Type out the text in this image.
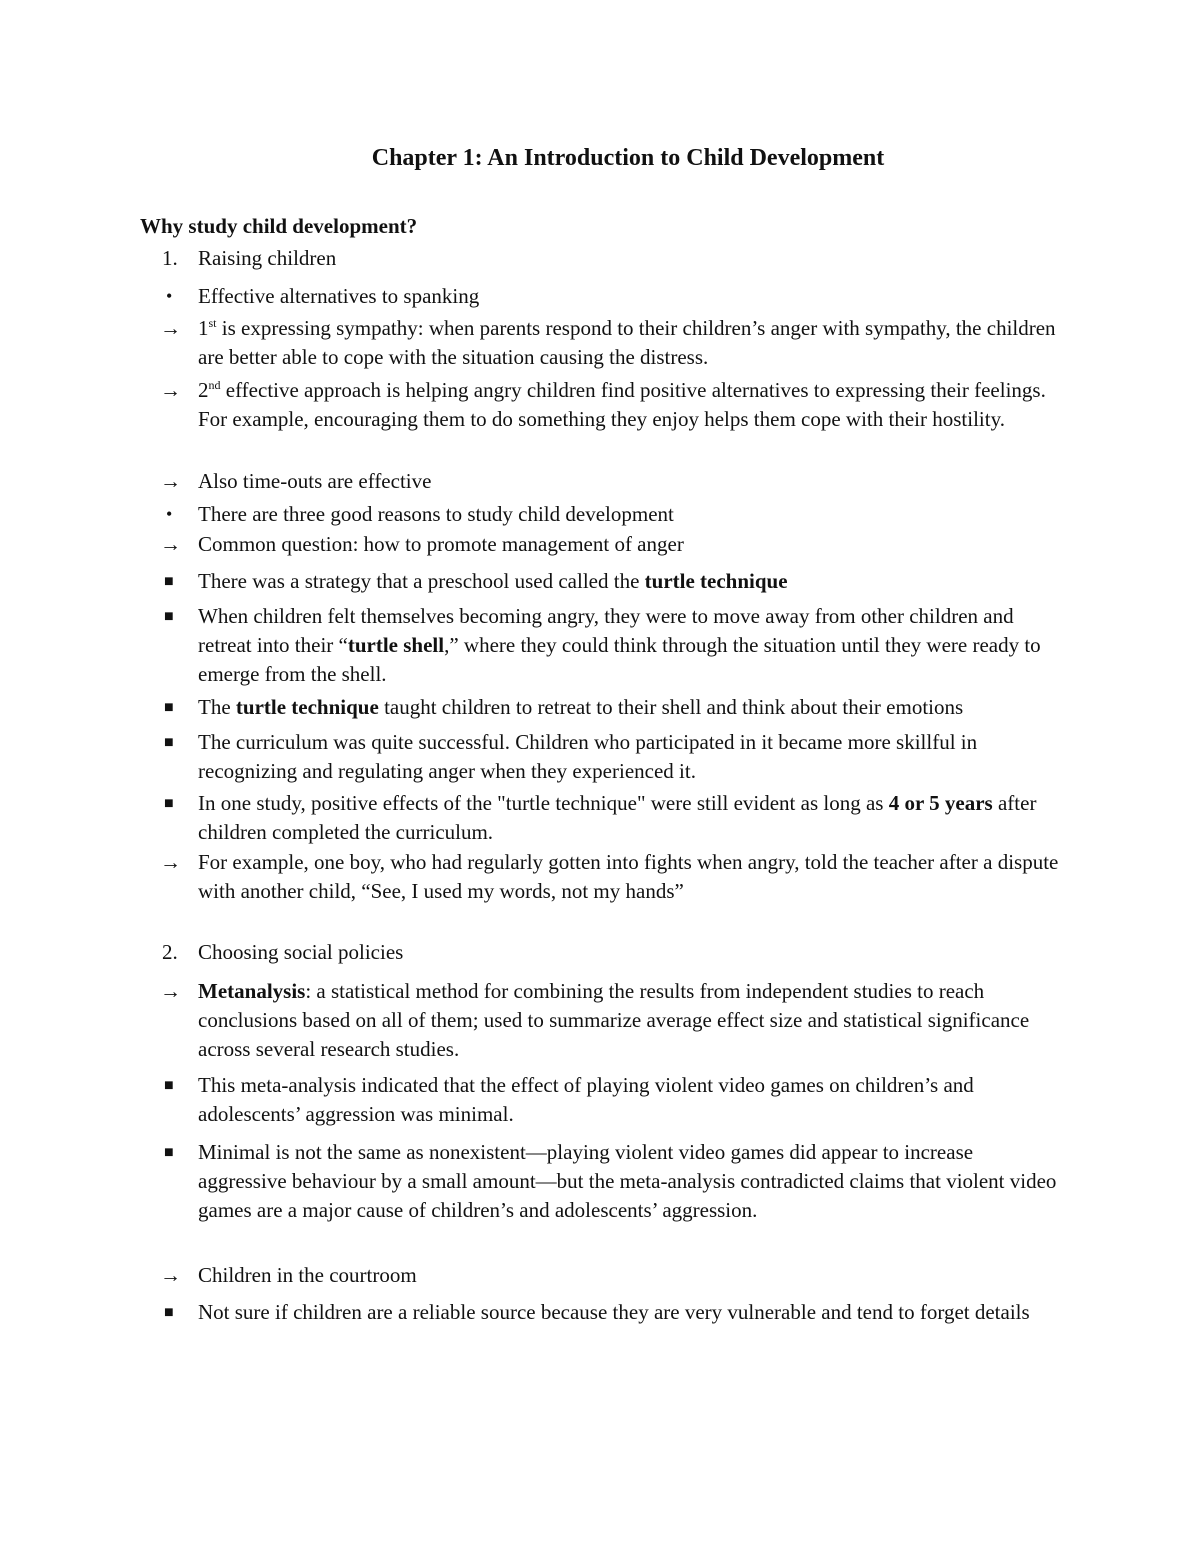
Chapter 1: An Introduction to Child Development
Why study child development?
1. Raising children
•	Effective alternatives to spanking
→ 1st is expressing sympathy: when parents respond to their children’s anger with sympathy, the children are better able to cope with the situation causing the distress.
→ 2nd effective approach is helping angry children find positive alternatives to expressing their feelings. For example, encouraging them to do something they enjoy helps them cope with their hostility.
→ Also time-outs are effective
•	There are three good reasons to study child development
→ Common question: how to promote management of anger
■	There was a strategy that a preschool used called the turtle technique
■	When children felt themselves becoming angry, they were to move away from other children and retreat into their “turtle shell,” where they could think through the situation until they were ready to emerge from the shell.
■	The turtle technique taught children to retreat to their shell and think about their emotions
■	The curriculum was quite successful. Children who participated in it became more skillful in recognizing and regulating anger when they experienced it.
■	In one study, positive effects of the "turtle technique" were still evident as long as 4 or 5 years after children completed the curriculum.
→ For example, one boy, who had regularly gotten into fights when angry, told the teacher after a dispute with another child, “See, I used my words, not my hands”
2. Choosing social policies
→ Metanalysis: a statistical method for combining the results from independent studies to reach conclusions based on all of them; used to summarize average effect size and statistical significance across several research studies.
■	This meta-analysis indicated that the effect of playing violent video games on children’s and adolescents’ aggression was minimal.
■	Minimal is not the same as nonexistent—playing violent video games did appear to increase aggressive behaviour by a small amount—but the meta-analysis contradicted claims that violent video games are a major cause of children’s and adolescents’ aggression.
→ Children in the courtroom
■	Not sure if children are a reliable source because they are very vulnerable and tend to forget details
